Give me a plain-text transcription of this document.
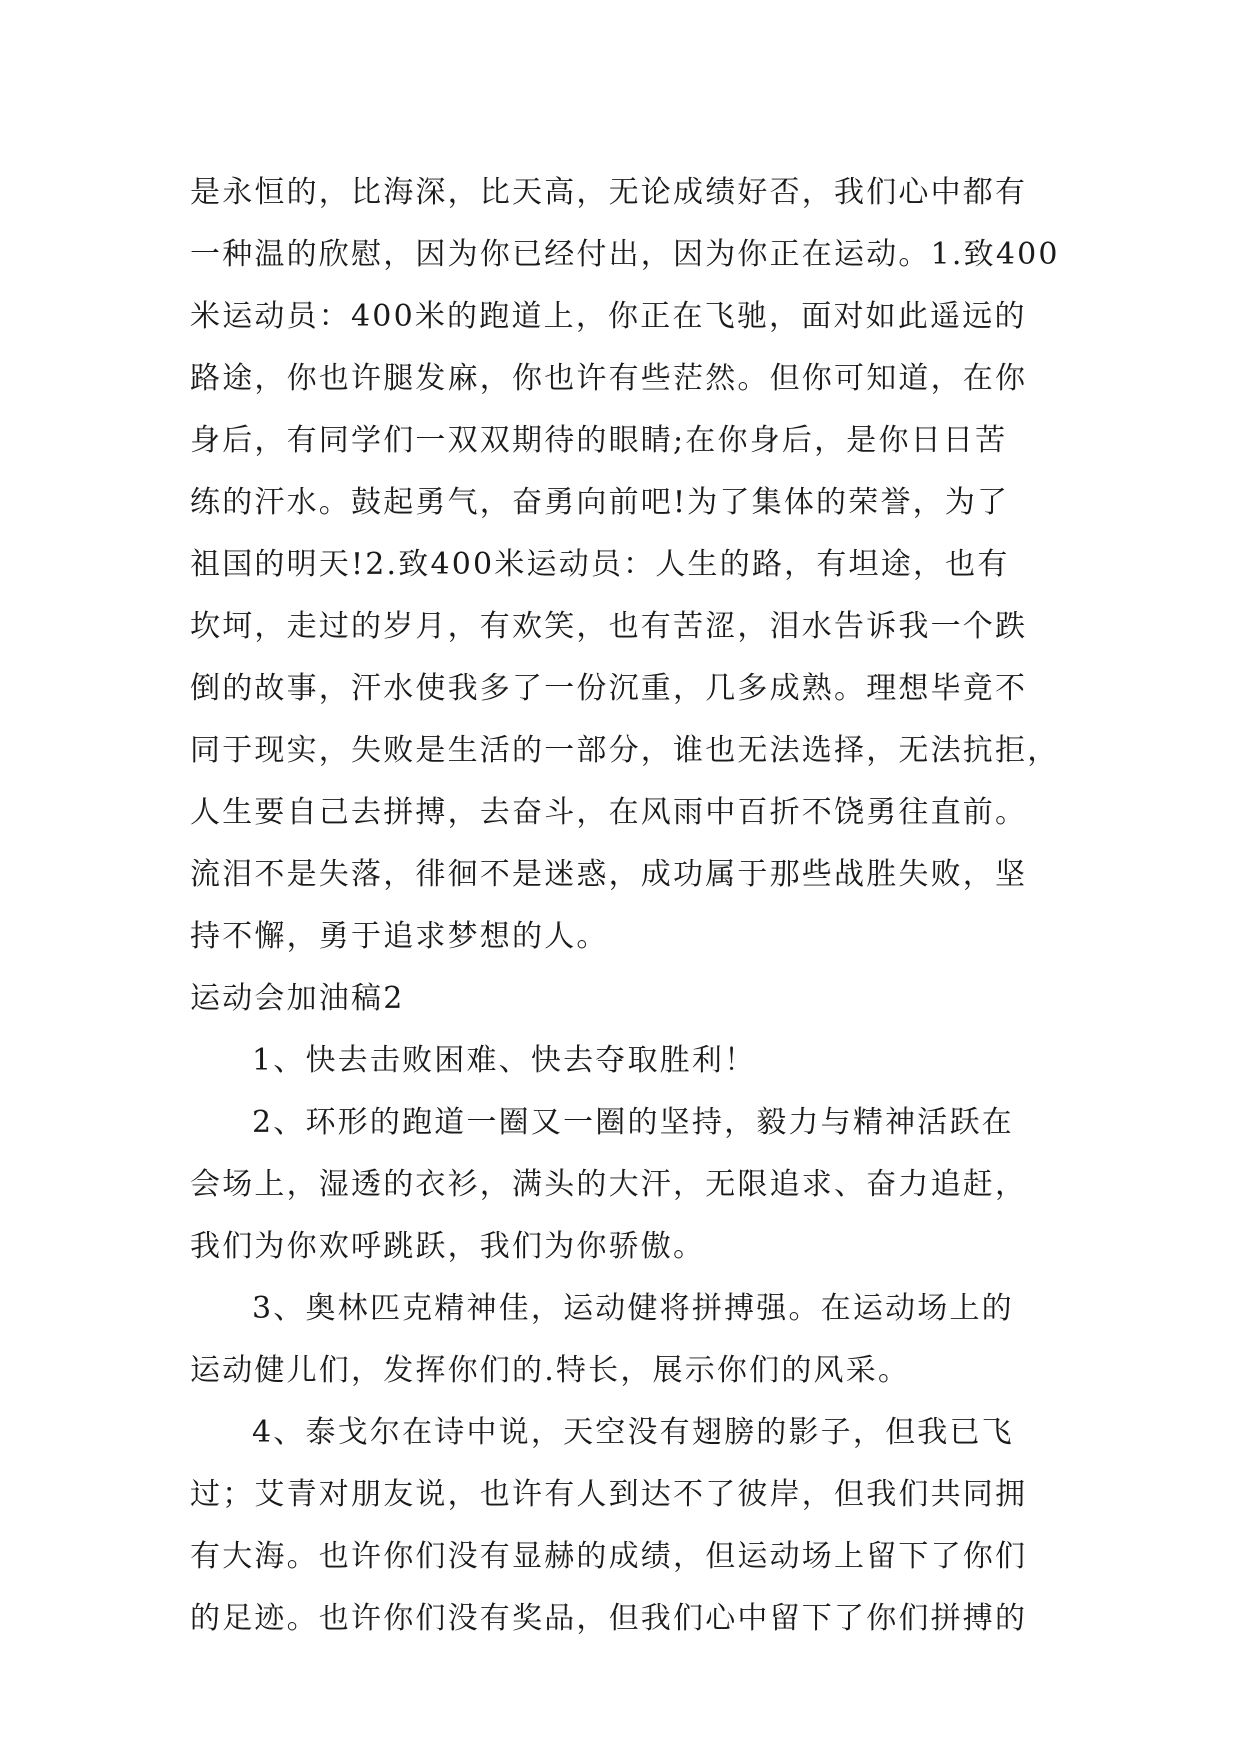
是永恒的，比海深，比天高，无论成绩好否，我们心中都有
一种温的欣慰，因为你已经付出，因为你正在运动。1.致400
米运动员：400米的跑道上，你正在飞驰，面对如此遥远的
路途，你也许腿发麻，你也许有些茫然。但你可知道，在你
身后，有同学们一双双期待的眼睛;在你身后，是你日日苦
练的汗水。鼓起勇气，奋勇向前吧!为了集体的荣誉，为了
祖国的明天!2.致400米运动员：人生的路，有坦途，也有
坎坷，走过的岁月，有欢笑，也有苦涩，泪水告诉我一个跌
倒的故事，汗水使我多了一份沉重，几多成熟。理想毕竟不
同于现实，失败是生活的一部分，谁也无法选择，无法抗拒，
人生要自己去拼搏，去奋斗，在风雨中百折不饶勇往直前。
流泪不是失落，徘徊不是迷惑，成功属于那些战胜失败，坚
持不懈，勇于追求梦想的人。
运动会加油稿2
1、快去击败困难、快去夺取胜利！
2、环形的跑道一圈又一圈的坚持，毅力与精神活跃在
会场上，湿透的衣衫，满头的大汗，无限追求、奋力追赶，
我们为你欢呼跳跃，我们为你骄傲。
3、奥林匹克精神佳，运动健将拼搏强。在运动场上的
运动健儿们，发挥你们的.特长，展示你们的风采。
4、泰戈尔在诗中说，天空没有翅膀的影子，但我已飞
过；艾青对朋友说，也许有人到达不了彼岸，但我们共同拥
有大海。也许你们没有显赫的成绩，但运动场上留下了你们
的足迹。也许你们没有奖品，但我们心中留下了你们拼搏的
